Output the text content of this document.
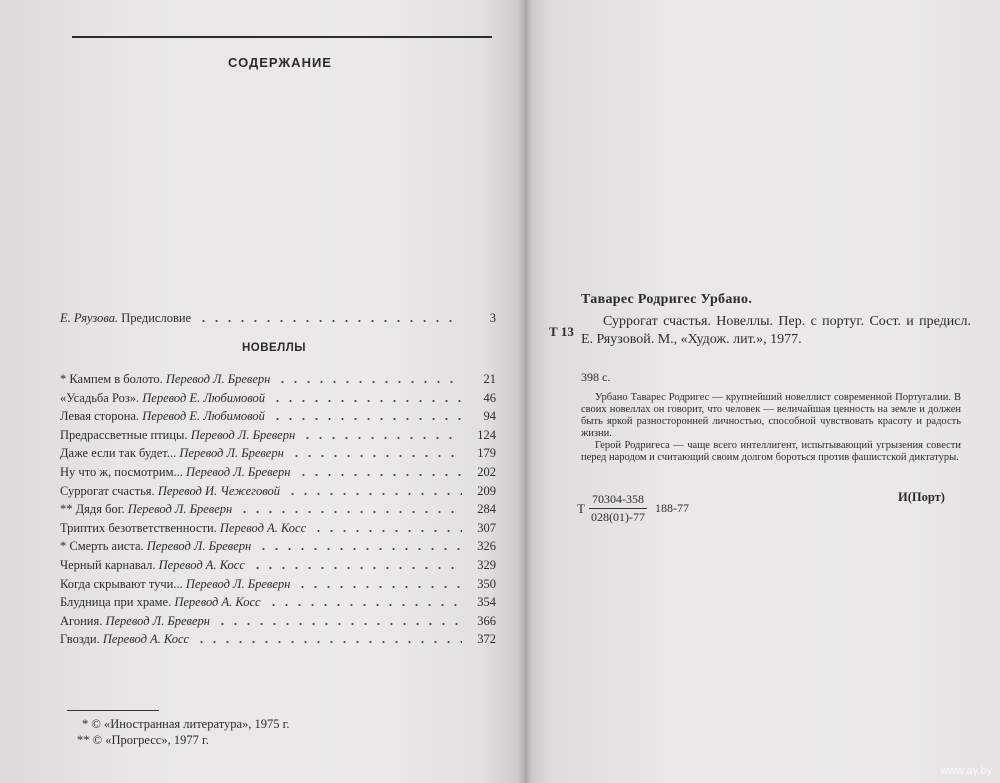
СОДЕРЖАНИЕ
Е. Ряузова. Предисловие	3
НОВЕЛЛЫ
* Кампем в болото. Перевод Л. Бреверн	21
«Усадьба Роз». Перевод Е. Любимовой	46
Левая сторона. Перевод Е. Любимовой	94
Предрассветные птицы. Перевод Л. Бреверн	124
Даже если так будет... Перевод Л. Бреверн	179
Ну что ж, посмотрим... Перевод Л. Бреверн	202
Суррогат счастья. Перевод И. Чежеговой	209
** Дядя бог. Перевод Л. Бреверн	284
Триптих безответственности. Перевод А. Косс	307
* Смерть аиста. Перевод Л. Бреверн	326
Черный карнавал. Перевод А. Косс	329
Когда скрывают тучи... Перевод Л. Бреверн	350
Блудница при храме. Перевод А. Косс	354
Агония. Перевод Л. Бреверн	366
Гвозди. Перевод А. Косс	372
* © «Иностранная литература», 1975 г.
** © «Прогресс», 1977 г.
Таварес Родригес Урбано.
Т 13
Суррогат счастья. Новеллы. Пер. с португ. Сост. и предисл. Е. Ряузовой. М., «Худож. лит.», 1977.
398 с.

Урбано Таварес Родригес — крупнейший новеллист современной Португалии. В своих новеллах он говорит, что человек — величайшая ценность на земле и должен быть яркой разносторонней личностью, способной чувствовать красоту и радость жизни.

Герой Родригеса — чаще всего интеллигент, испытывающий угрызения совести перед народом и считающий своим долгом бороться против фашистской диктатуры.

Т $\frac{70304-358}{028(01)-77} 188-77$
И(Порт)
www.ay.by
